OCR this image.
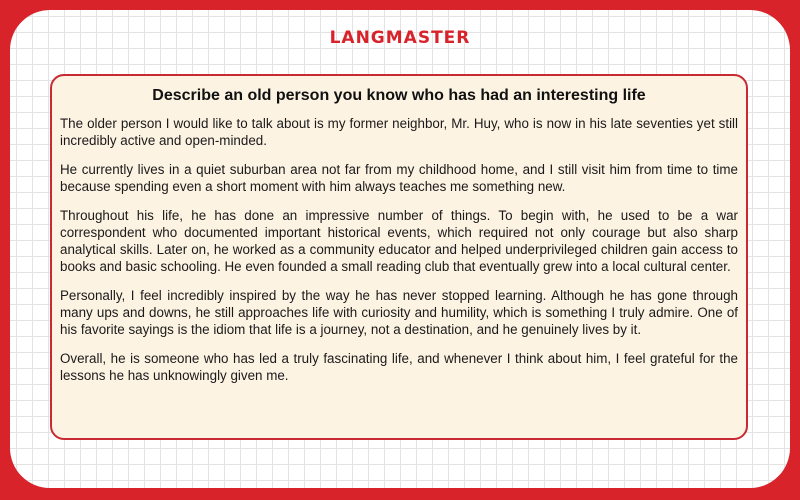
LANGMASTER
Describe an old person you know who has had an interesting life

The older person I would like to talk about is my former neighbor, Mr. Huy, who is now in his late seventies yet still incredibly active and open-minded.

He currently lives in a quiet suburban area not far from my childhood home, and I still visit him from time to time because spending even a short moment with him always teaches me something new.

Throughout his life, he has done an impressive number of things. To begin with, he used to be a war correspondent who documented important historical events, which required not only courage but also sharp analytical skills. Later on, he worked as a community educator and helped underprivileged children gain access to books and basic schooling. He even founded a small reading club that eventually grew into a local cultural center.

Personally, I feel incredibly inspired by the way he has never stopped learning. Although he has gone through many ups and downs, he still approaches life with curiosity and humility, which is something I truly admire. One of his favorite sayings is the idiom that life is a journey, not a destination, and he genuinely lives by it.

Overall, he is someone who has led a truly fascinating life, and whenever I think about him, I feel grateful for the lessons he has unknowingly given me.
